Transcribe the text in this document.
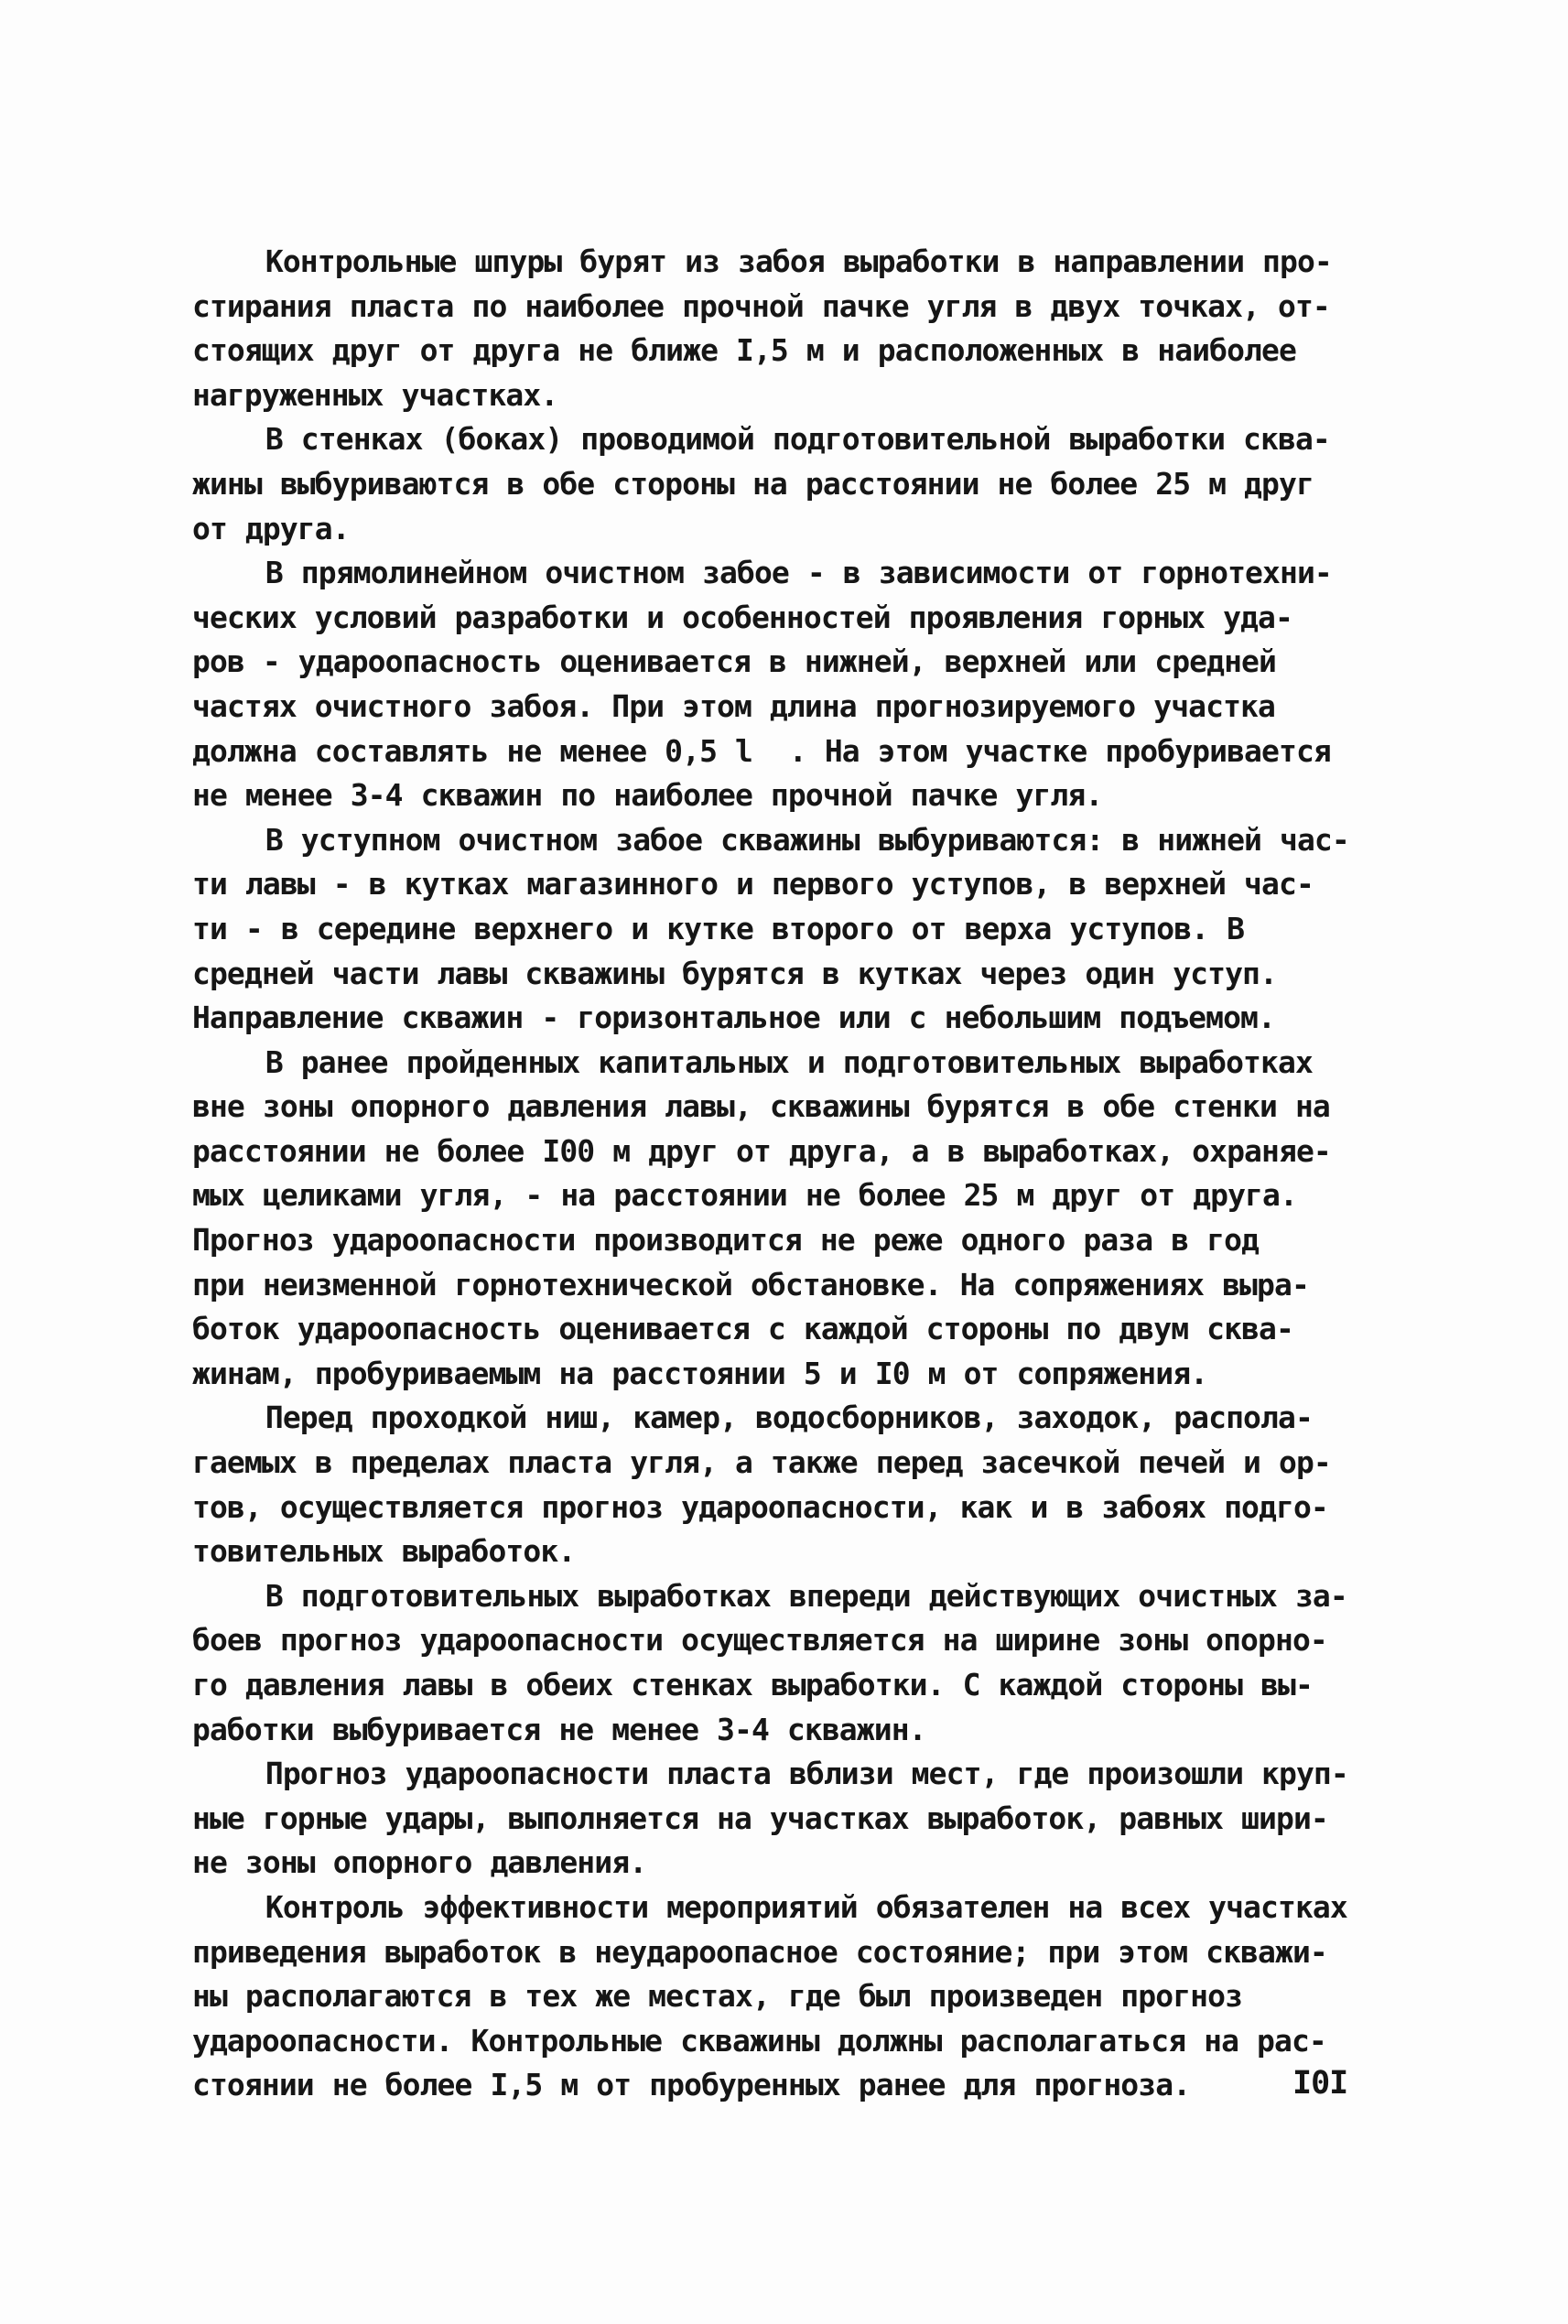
Контрольные шпуры бурят из забоя выработки в направлении про-
стирания пласта по наиболее прочной пачке угля в двух точках, от-
стоящих друг от друга не ближе I,5 м и расположенных в наиболее
нагруженных участках.
В стенках (боках) проводимой подготовительной выработки сква-
жины выбуриваются в обе стороны на расстоянии не более 25 м друг
от друга.
В прямолинейном очистном забое - в зависимости от горнотехни-
ческих условий разработки и особенностей проявления горных уда-
ров - удароопасность оценивается в нижней, верхней или средней
частях очистного забоя. При этом длина прогнозируемого участка
должна составлять не менее 0,5 l  . На этом участке пробуривается
не менее 3-4 скважин по наиболее прочной пачке угля.
В уступном очистном забое скважины выбуриваются: в нижней час-
ти лавы - в кутках магазинного и первого уступов, в верхней час-
ти - в середине верхнего и кутке второго от верха уступов. В
средней части лавы скважины бурятся в кутках через один уступ.
Направление скважин - горизонтальное или с небольшим подъемом.
В ранее пройденных капитальных и подготовительных выработках
вне зоны опорного давления лавы, скважины бурятся в обе стенки на
расстоянии не более I00 м друг от друга, а в выработках, охраняе-
мых целиками угля, - на расстоянии не более 25 м друг от друга.
Прогноз удароопасности производится не реже одного раза в год
при неизменной горнотехнической обстановке. На сопряжениях выра-
боток удароопасность оценивается с каждой стороны по двум сква-
жинам, пробуриваемым на расстоянии 5 и I0 м от сопряжения.
Перед проходкой ниш, камер, водосборников, заходок, распола-
гаемых в пределах пласта угля, а также перед засечкой печей и ор-
тов, осуществляется прогноз удароопасности, как и в забоях подго-
товительных выработок.
В подготовительных выработках впереди действующих очистных за-
боев прогноз удароопасности осуществляется на ширине зоны опорно-
го давления лавы в обеих стенках выработки. С каждой стороны вы-
работки выбуривается не менее 3-4 скважин.
Прогноз удароопасности пласта вблизи мест, где произошли круп-
ные горные удары, выполняется на участках выработок, равных шири-
не зоны опорного давления.
Контроль эффективности мероприятий обязателен на всех участках
приведения выработок в неудароопасное состояние; при этом скважи-
ны располагаются в тех же местах, где был произведен прогноз
удароопасности. Контрольные скважины должны располагаться на рас-
стоянии не более I,5 м от пробуренных ранее для прогноза.	I0I
